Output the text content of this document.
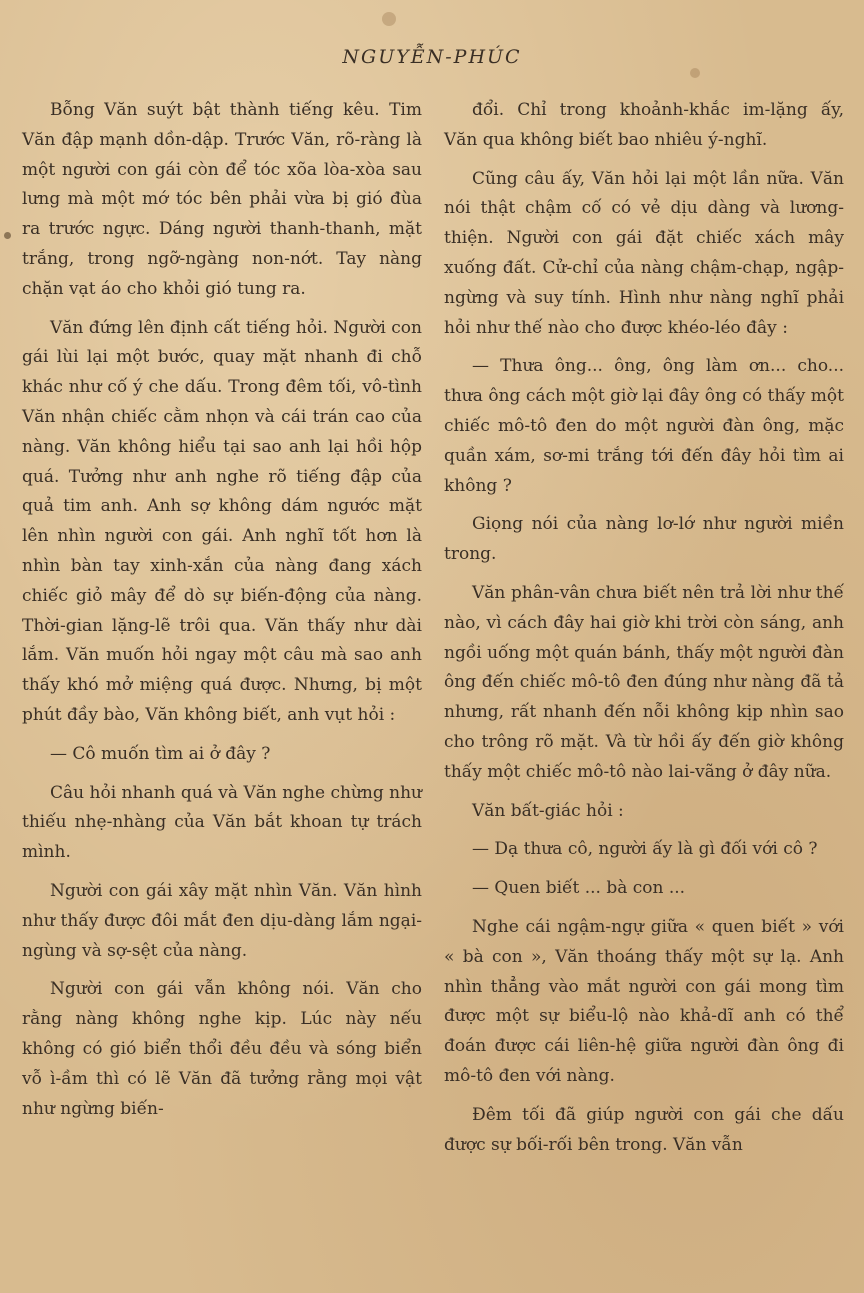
NGUYỄN-PHÚC

Bỗng Văn suýt bật thành tiếng kêu. Tim Văn đập mạnh dồn-dập. Trước Văn, rõ-ràng là một người con gái còn để tóc xõa lòa-xòa sau lưng mà một mớ tóc bên phải vừa bị gió đùa ra trước ngực. Dáng người thanh-thanh, mặt trắng, trong ngỡ-ngàng non-nớt. Tay nàng chặn vạt áo cho khỏi gió tung ra.

Văn đứng lên định cất tiếng hỏi. Người con gái lùi lại một bước, quay mặt nhanh đi chỗ khác như cố ý che dấu. Trong đêm tối, vô-tình Văn nhận chiếc cằm nhọn và cái trán cao của nàng. Văn không hiểu tại sao anh lại hồi hộp quá. Tưởng như anh nghe rõ tiếng đập của quả tim anh. Anh sợ không dám ngước mặt lên nhìn người con gái. Anh nghĩ tốt hơn là nhìn bàn tay xinh-xắn của nàng đang xách chiếc giỏ mây để dò sự biến-động của nàng. Thời-gian lặng-lẽ trôi qua. Văn thấy như dài lắm. Văn muốn hỏi ngay một câu mà sao anh thấy khó mở miệng quá được. Nhưng, bị một phút đầy bào, Văn không biết, anh vụt hỏi :

— Cô muốn tìm ai ở đây ?

Câu hỏi nhanh quá và Văn nghe chừng như thiếu nhẹ-nhàng của Văn bắt khoan tự trách mình.

Người con gái xây mặt nhìn Văn. Văn hình như thấy được đôi mắt đen dịu-dàng lắm ngại-ngùng và sợ-sệt của nàng.

Người con gái vẫn không nói. Văn cho rằng nàng không nghe kịp. Lúc này nếu không có gió biển thổi đều đều và sóng biển vỗ ì-ầm thì có lẽ Văn đã tưởng rằng mọi vật như ngừng biến-

đổi. Chỉ trong khoảnh-khắc im-lặng ấy, Văn qua không biết bao nhiêu ý-nghĩ.

Cũng câu ấy, Văn hỏi lại một lần nữa. Văn nói thật chậm cố có vẻ dịu dàng và lương-thiện. Người con gái đặt chiếc xách mây xuống đất. Cử-chỉ của nàng chậm-chạp, ngập-ngừng và suy tính. Hình như nàng nghĩ phải hỏi như thế nào cho được khéo-léo đây :

— Thưa ông... ông, ông làm ơn... cho... thưa ông cách một giờ lại đây ông có thấy một chiếc mô-tô đen do một người đàn ông, mặc quần xám, sơ-mi trắng tới đến đây hỏi tìm ai không ?

Giọng nói của nàng lơ-lớ như người miền trong.

Văn phân-vân chưa biết nên trả lời như thế nào, vì cách đây hai giờ khi trời còn sáng, anh ngồi uống một quán bánh, thấy một người đàn ông đến chiếc mô-tô đen đúng như nàng đã tả nhưng, rất nhanh đến nỗi không kịp nhìn sao cho trông rõ mặt. Và từ hồi ấy đến giờ không thấy một chiếc mô-tô nào lai-vãng ở đây nữa.

Văn bất-giác hỏi :

— Dạ thưa cô, người ấy là gì đối với cô ?

— Quen biết ... bà con ...

Nghe cái ngậm-ngự giữa « quen biết » với « bà con », Văn thoáng thấy một sự lạ. Anh nhìn thẳng vào mắt người con gái mong tìm được một sự biểu-lộ nào khả-dĩ anh có thể đoán được cái liên-hệ giữa người đàn ông đi mô-tô đen với nàng.

Đêm tối đã giúp người con gái che dấu được sự bối-rối bên trong. Văn vẫn
